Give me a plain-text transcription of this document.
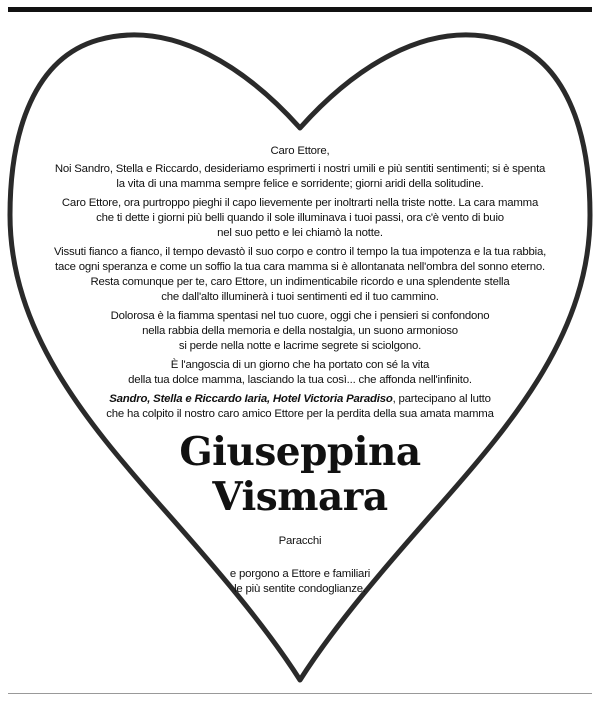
Caro Ettore,

Noi Sandro, Stella e Riccardo, desideriamo esprimerti i nostri umili e più sentiti sentimenti; si è spenta
la vita di una mamma sempre felice e sorridente; giorni aridi della solitudine.

Caro Ettore, ora purtroppo pieghi il capo lievemente per inoltrarti nella triste notte. La cara mamma
che ti dette i giorni più belli quando il sole illuminava i tuoi passi, ora c'è vento di buio
nel suo petto e lei chiamò la notte.

Vissuti fianco a fianco, il tempo devastò il suo corpo e contro il tempo la tua impotenza e la tua rabbia,
tace ogni speranza e come un soffio la tua cara mamma si è allontanata nell'ombra del sonno eterno.
Resta comunque per te, caro Ettore, un indimenticabile ricordo e una splendente stella
che dall'alto illuminerà i tuoi sentimenti ed il tuo cammino.

Dolorosa è la fiamma spentasi nel tuo cuore, oggi che i pensieri si confondono
nella rabbia della memoria e della nostalgia, un suono armonioso
si perde nella notte e lacrime segrete si sciolgono.

È l'angoscia di un giorno che ha portato con sé la vita
della tua dolce mamma, lasciando la tua così... che affonda nell'infinito.

Sandro, Stella e Riccardo Iaria, Hotel Victoria Paradiso, partecipano al lutto
che ha colpito il nostro caro amico Ettore per la perdita della sua amata mamma

Giuseppina
Vismara

Paracchi

e porgono a Ettore e familiari
le più sentite condoglianze.
